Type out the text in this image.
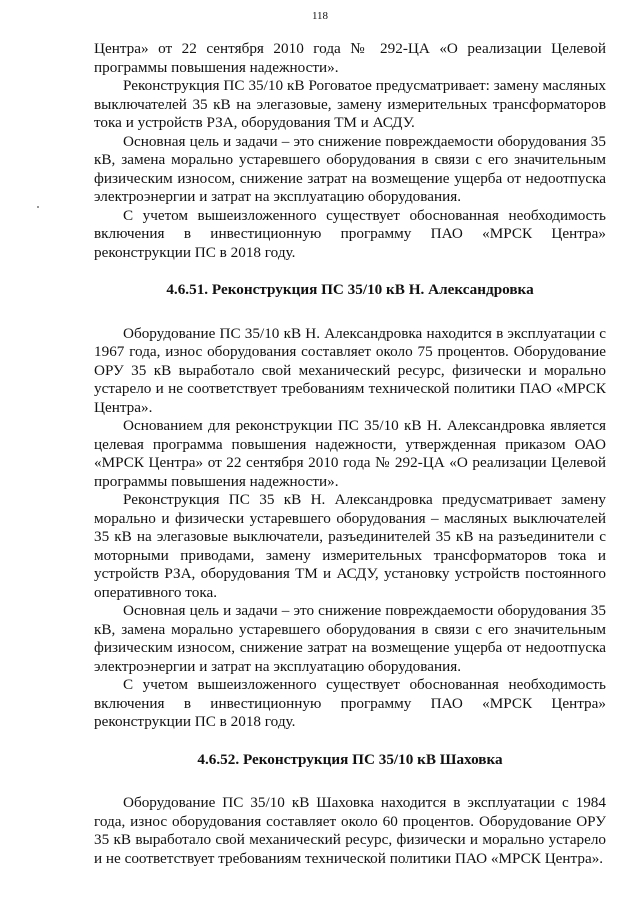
118

Центра» от 22 сентября 2010 года № 292-ЦА «О реализации Целевой программы повышения надежности».

Реконструкция ПС 35/10 кВ Роговатое предусматривает: замену масляных выключателей 35 кВ на элегазовые, замену измерительных трансформаторов тока и устройств РЗА, оборудования ТМ и АСДУ.

Основная цель и задачи – это снижение повреждаемости оборудования 35 кВ, замена морально устаревшего оборудования в связи с его значительным физическим износом, снижение затрат на возмещение ущерба от недоотпуска электроэнергии и затрат на эксплуатацию оборудования.

С учетом вышеизложенного существует обоснованная необходимость включения в инвестиционную программу ПАО «МРСК Центра» реконструкции ПС в 2018 году.

4.6.51. Реконструкция ПС 35/10 кВ Н. Александровка

Оборудование ПС 35/10 кВ Н. Александровка находится в эксплуатации с 1967 года, износ оборудования составляет около 75 процентов. Оборудование ОРУ 35 кВ выработало свой механический ресурс, физически и морально устарело и не соответствует требованиям технической политики ПАО «МРСК Центра».

Основанием для реконструкции ПС 35/10 кВ Н. Александровка является целевая программа повышения надежности, утвержденная приказом ОАО «МРСК Центра» от 22 сентября 2010 года № 292-ЦА «О реализации Целевой программы повышения надежности».

Реконструкция ПС 35 кВ Н. Александровка предусматривает замену морально и физически устаревшего оборудования – масляных выключателей 35 кВ на элегазовые выключатели, разъединителей 35 кВ на разъединители с моторными приводами, замену измерительных трансформаторов тока и устройств РЗА, оборудования ТМ и АСДУ, установку устройств постоянного оперативного тока.

Основная цель и задачи – это снижение повреждаемости оборудования 35 кВ, замена морально устаревшего оборудования в связи с его значительным физическим износом, снижение затрат на возмещение ущерба от недоотпуска электроэнергии и затрат на эксплуатацию оборудования.

С учетом вышеизложенного существует обоснованная необходимость включения в инвестиционную программу ПАО «МРСК Центра» реконструкции ПС в 2018 году.

4.6.52. Реконструкция ПС 35/10 кВ Шаховка

Оборудование ПС 35/10 кВ Шаховка находится в эксплуатации с 1984 года, износ оборудования составляет около 60 процентов. Оборудование ОРУ 35 кВ выработало свой механический ресурс, физически и морально устарело и не соответствует требованиям технической политики ПАО «МРСК Центра».
